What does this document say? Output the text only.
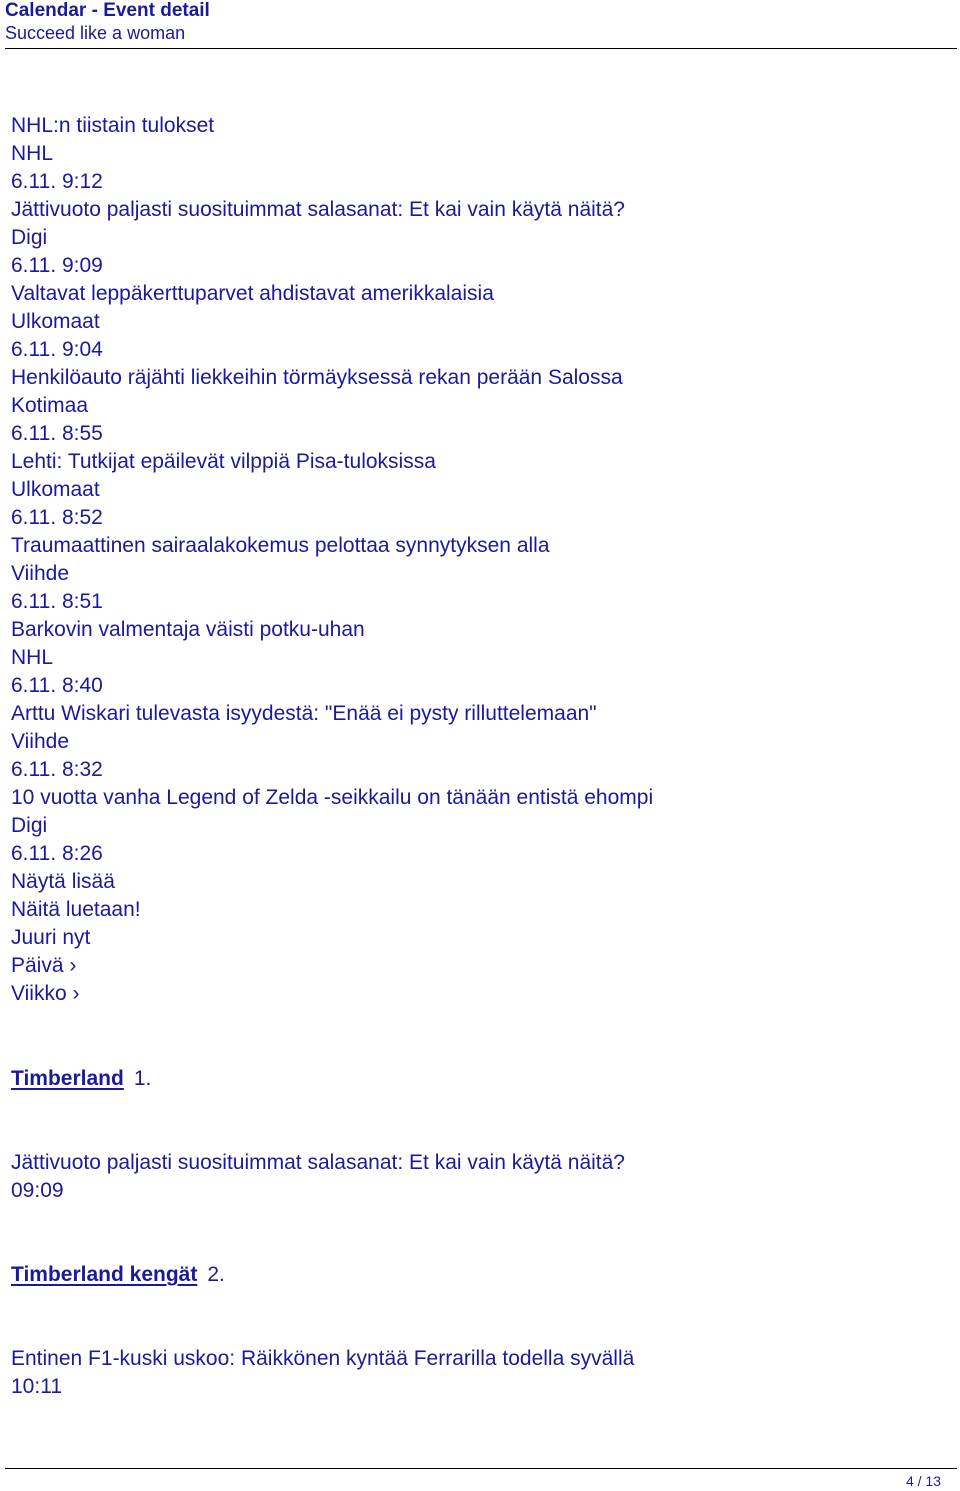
Calendar - Event detail
Succeed like a woman
NHL:n tiistain tulokset
NHL
6.11. 9:12
Jättivuoto paljasti suosituimmat salasanat: Et kai vain käytä näitä?
Digi
6.11. 9:09
Valtavat leppäkerttuparvet ahdistavat amerikkalaisia
Ulkomaat
6.11. 9:04
Henkilöauto räjähti liekkeihin törmäyksessä rekan perään Salossa
Kotimaa
6.11. 8:55
Lehti: Tutkijat epäilevät vilppiä Pisa-tuloksissa
Ulkomaat
6.11. 8:52
Traumaattinen sairaalakokemus pelottaa synnytyksen alla
Viihde
6.11. 8:51
Barkovin valmentaja väisti potku-uhan
NHL
6.11. 8:40
Arttu Wiskari tulevasta isyydestä: "Enää ei pysty rilluttelemaan"
Viihde
6.11. 8:32
10 vuotta vanha Legend of Zelda -seikkailu on tänään entistä ehompi
Digi
6.11. 8:26
Näytä lisää
Näitä luetaan!
Juuri nyt
Päivä ›
Viikko ›
Timberland 1.
Jättivuoto paljasti suosituimmat salasanat: Et kai vain käytä näitä?
09:09
Timberland kengät 2.
Entinen F1-kuski uskoo: Räikkönen kyntää Ferrarilla todella syvällä
10:11
4 / 13
